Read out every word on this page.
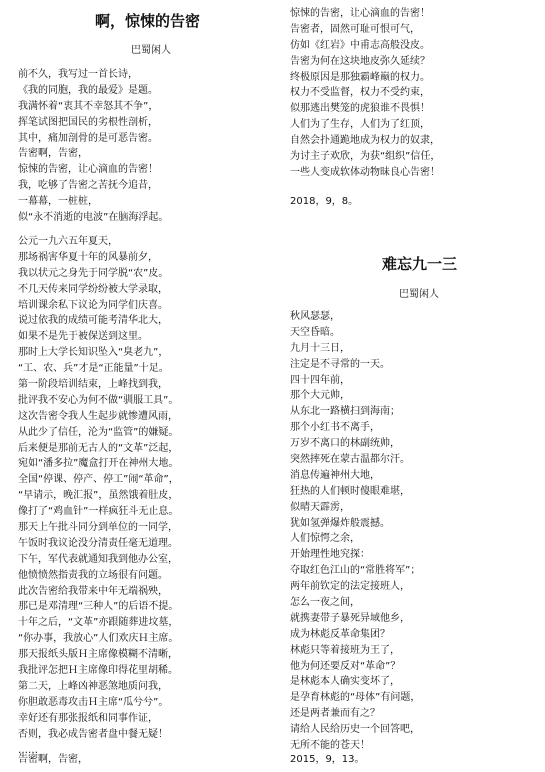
啊，惊悚的告密
巴蜀闲人
前不久，我写过一首长诗，
《我的同胞，我的最爱》是题。
我满怀着“衷其不幸怒其不争”，
挥笔试图把国民的劣根性剖析，
其中，痛加剖骨的是可恶告密。
告密啊，告密，
惊悚的告密，让心滴血的告密！
我，吃够了告密之苦抚今追昔，
一幕幕，一桩桩，
似“永不消逝的电波”在脑海浮起。
公元一九六五年夏天，
那场祸害华夏十年的风暴前夕，
我以状元之身先于同学脱“农”皮。
不几天传来同学纷纷被大学录取，
培训课余私下议论为同学们庆喜。
说过依我的成绩可能考清华北大，
如果不是先于被保送到这里。
那时上大学长知识坠入“臭老九”，
“工、农、兵”才是“正能量”十足。
第一阶段培训结束，上峰找到我，
批评我不安心为何不做“驯服工具”。
这次告密令我人生起步就惨遭风雨，
从此少了信任，沦为“监管”的嫌疑。
后来便是那前无古人的“文革”泛起，
宛如“潘多拉”魔盒打开在神州大地。
全国“停课、停产、停工”闹“革命”，
“早请示，晚汇报”，虽然饿着肚皮，
像打了“鸡血针”一样疯狂斗无止息。
那天上午批斗同分到单位的一同学，
午饭时我议论没分清责任毫无道理。
下午，军代表就通知我到他办公室，
他愤愤然指责我的立场很有问题。
此次告密给我带来中年无端祸殃，
那已是邓清理“三种人”的后语不提。
十年之后，“文革”亦跟随葬进坟墓，
“你办事，我放心”人们欢庆Ｈ主席。
那天报纸头版Ｈ主席像模糊不清晰，
我批评怎把Ｈ主席像印得花里胡稀。
第二天，上峰凶神恶煞地质问我，
你胆敢恶毒攻击Ｈ主席“瓜兮兮”。
幸好还有那张报纸和同事作证，
否则，我必成告密者盘中餐无疑！
……
告密啊，告密，
惊悚的告密，让心滴血的告密！
告密者，固然可耻可恨可气，
仿如《红岩》中甫志高般没皮。
告密为何在这块地皮弥久延续？
终极原因是那独霸峰巅的权力。
权力不受监督，权力不受约束，
似那逃出樊笼的虎狼谁不畏惧！
人们为了生存，人们为了红顶，
自然会扑通跪地成为权力的奴隶，
为讨主子欢欣，为获“组织”信任，
一些人变成软体动物昧良心告密！
2018，9，8。
难忘九一三
巴蜀闲人
秋风瑟瑟，
天空昏暗。
九月十三日，
注定是不寻常的一天。
四十四年前，
那个大元帅，
从东北一路横扫到海南；
那个小红书不离手，
万岁不离口的林副统帅，
突然摔死在蒙古温都尔汗。
消息传遍神州大地，
狂热的人们顿时傻眼难堪，
似晴天霹雳，
犹如氢弹爆炸般震撼。
人们惊愕之余，
开始理性地究探：
夺取红色江山的“常胜将军”；
两年前钦定的法定接班人，
怎么一夜之间，
就携妻带子暴死异域他乡，
成为林彪反革命集团？
林彪只等着接班为王了，
他为何还要反对“革命”？
是林彪本人确实变坏了，
是孕育林彪的“母体”有问题，
还是两者兼而有之？
请给人民给历史一个回答吧，
无所不能的苍天！
2015，9，13。
